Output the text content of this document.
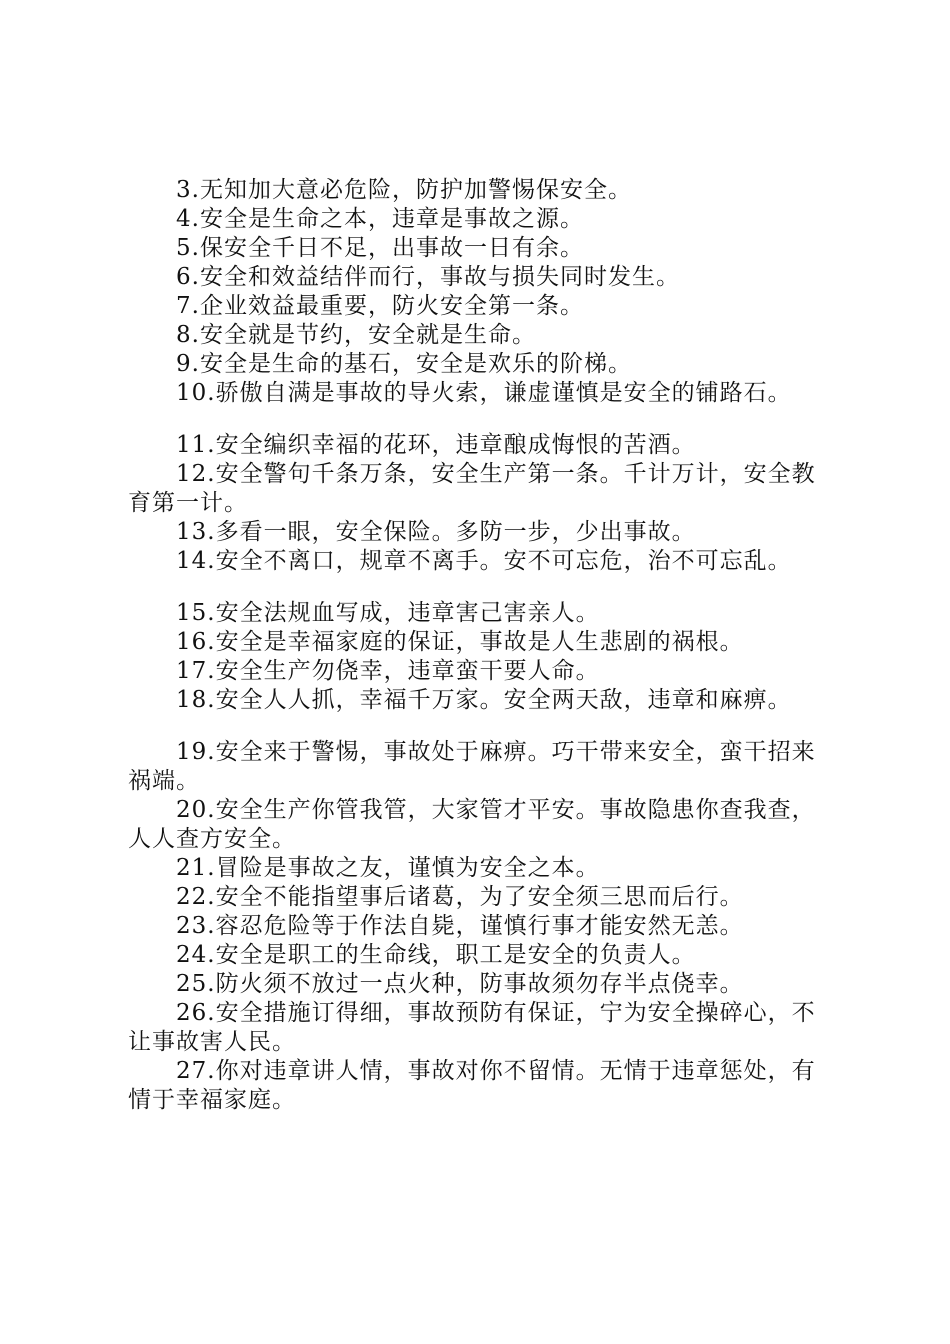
3.无知加大意必危险，防护加警惕保安全。

4.安全是生命之本，违章是事故之源。

5.保安全千日不足，出事故一日有余。

6.安全和效益结伴而行，事故与损失同时发生。

7.企业效益最重要，防火安全第一条。

8.安全就是节约，安全就是生命。

9.安全是生命的基石，安全是欢乐的阶梯。

10.骄傲自满是事故的导火索，谦虚谨慎是安全的铺路石。

11.安全编织幸福的花环，违章酿成悔恨的苦酒。

12.安全警句千条万条，安全生产第一条。千计万计，安全教育第一计。

13.多看一眼，安全保险。多防一步，少出事故。

14.安全不离口，规章不离手。安不可忘危，治不可忘乱。

15.安全法规血写成，违章害己害亲人。

16.安全是幸福家庭的保证，事故是人生悲剧的祸根。

17.安全生产勿侥幸，违章蛮干要人命。

18.安全人人抓，幸福千万家。安全两天敌，违章和麻痹。

19.安全来于警惕，事故处于麻痹。巧干带来安全，蛮干招来祸端。

20.安全生产你管我管，大家管才平安。事故隐患你查我查，人人查方安全。

21.冒险是事故之友，谨慎为安全之本。

22.安全不能指望事后诸葛，为了安全须三思而后行。

23.容忍危险等于作法自毙，谨慎行事才能安然无恙。

24.安全是职工的生命线，职工是安全的负责人。

25.防火须不放过一点火种，防事故须勿存半点侥幸。

26.安全措施订得细，事故预防有保证，宁为安全操碎心，不让事故害人民。

27.你对违章讲人情，事故对你不留情。无情于违章惩处，有情于幸福家庭。
